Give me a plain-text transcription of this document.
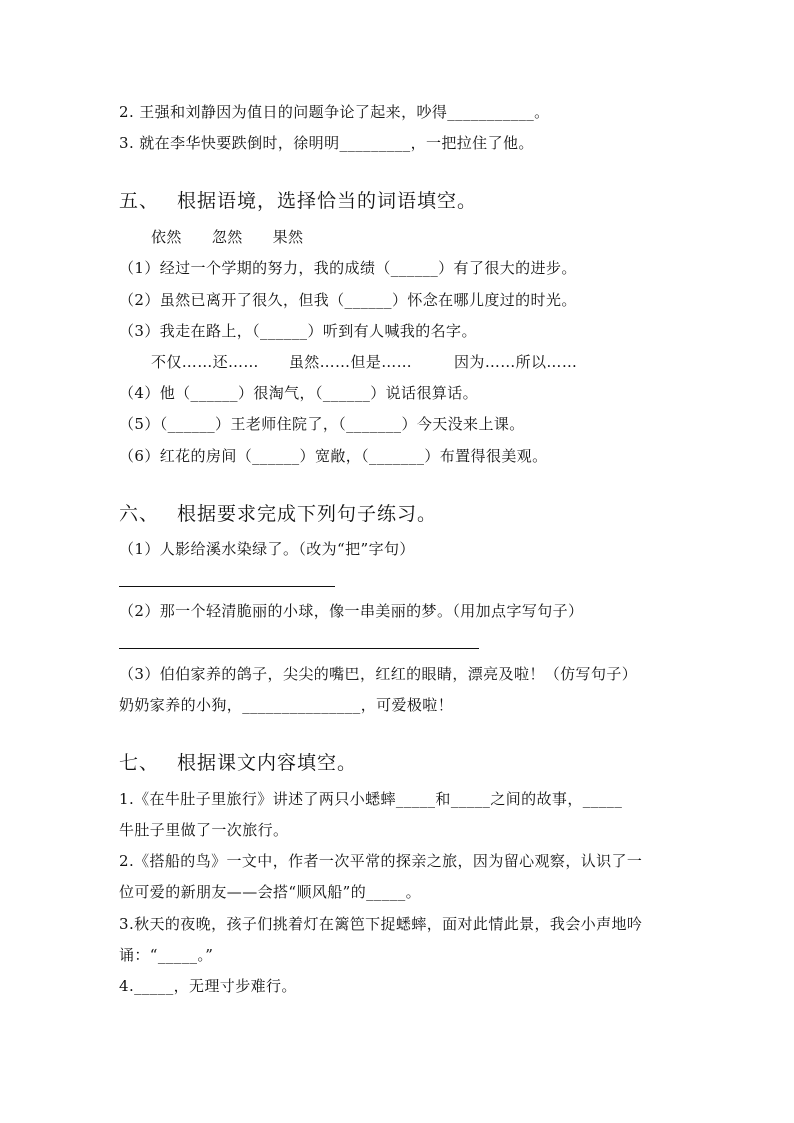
2. 王强和刘静因为值日的问题争论了起来，吵得___________。
3. 就在李华快要跌倒时，徐明明_________，一把拉住了他。
五、 根据语境，选择恰当的词语填空。
依然 忽然 果然
（1）经过一个学期的努力，我的成绩（______）有了很大的进步。
（2）虽然已离开了很久，但我（______）怀念在哪儿度过的时光。
（3）我走在路上，（______）听到有人喊我的名字。
不仅……还…… 虽然……但是……	因为……所以……
（4）他（______）很淘气，（______）说话很算话。
（5）（______）王老师住院了，（_______）今天没来上课。
（6）红花的房间（______）宽敞，（_______）布置得很美观。
六、 根据要求完成下列句子练习。
（1）人影给溪水染绿了。（改为“把”字句）
（2）那一个轻清脆丽的小球，像一串美丽的梦。（用加点字写句子）
（3）伯伯家养的鸽子，尖尖的嘴巴，红红的眼睛，漂亮及啦！（仿写句子）
奶奶家养的小狗，_______________，可爱极啦！
七、 根据课文内容填空。
1.《在牛肚子里旅行》讲述了两只小蟋蟀_____和_____之间的故事，_____
牛肚子里做了一次旅行。
2.《搭船的鸟》一文中，作者一次平常的探亲之旅，因为留心观察，认识了一
位可爱的新朋友——会搭“顺风船”的_____。
3.秋天的夜晚，孩子们挑着灯在篱笆下捉蟋蟀，面对此情此景，我会小声地吟
诵：“_____。”
4._____，无理寸步难行。
